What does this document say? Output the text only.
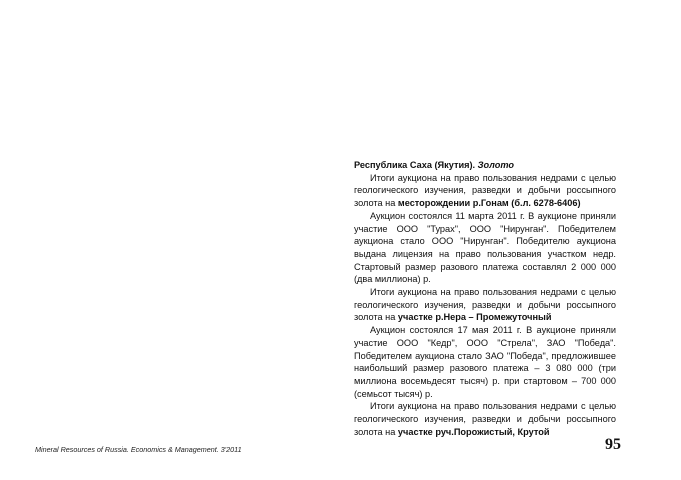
Республика Саха (Якутия). Золото

Итоги аукциона на право пользования недрами с целью геологического изучения, разведки и добычи россыпного золота на месторождении р.Гонам (б.л. 6278-6406)

Аукцион состоялся 11 марта 2011 г. В аукционе приняли участие ООО "Турах", ООО "Нирунган". Победителем аукциона стало ООО "Нирунган". Победителю аукциона выдана лицензия на право пользования участком недр. Стартовый размер разового платежа составлял 2 000 000 (два миллиона) р.

Итоги аукциона на право пользования недрами с целью геологического изучения, разведки и добычи россыпного золота на участке р.Нера – Промежуточный

Аукцион состоялся 17 мая 2011 г. В аукционе приняли участие ООО "Кедр", ООО "Стрела", ЗАО "Победа". Победителем аукциона стало ЗАО "Победа", предложившее наибольший размер разового платежа – 3 080 000 (три миллиона восемьдесят тысяч) р. при стартовом – 700 000 (семьсот тысяч) р.

Итоги аукциона на право пользования недрами с целью геологического изучения, разведки и добычи россыпного золота на участке руч.Порожистый, Крутой

Mineral Resources of Russia. Economics & Management. 3'2011	95
